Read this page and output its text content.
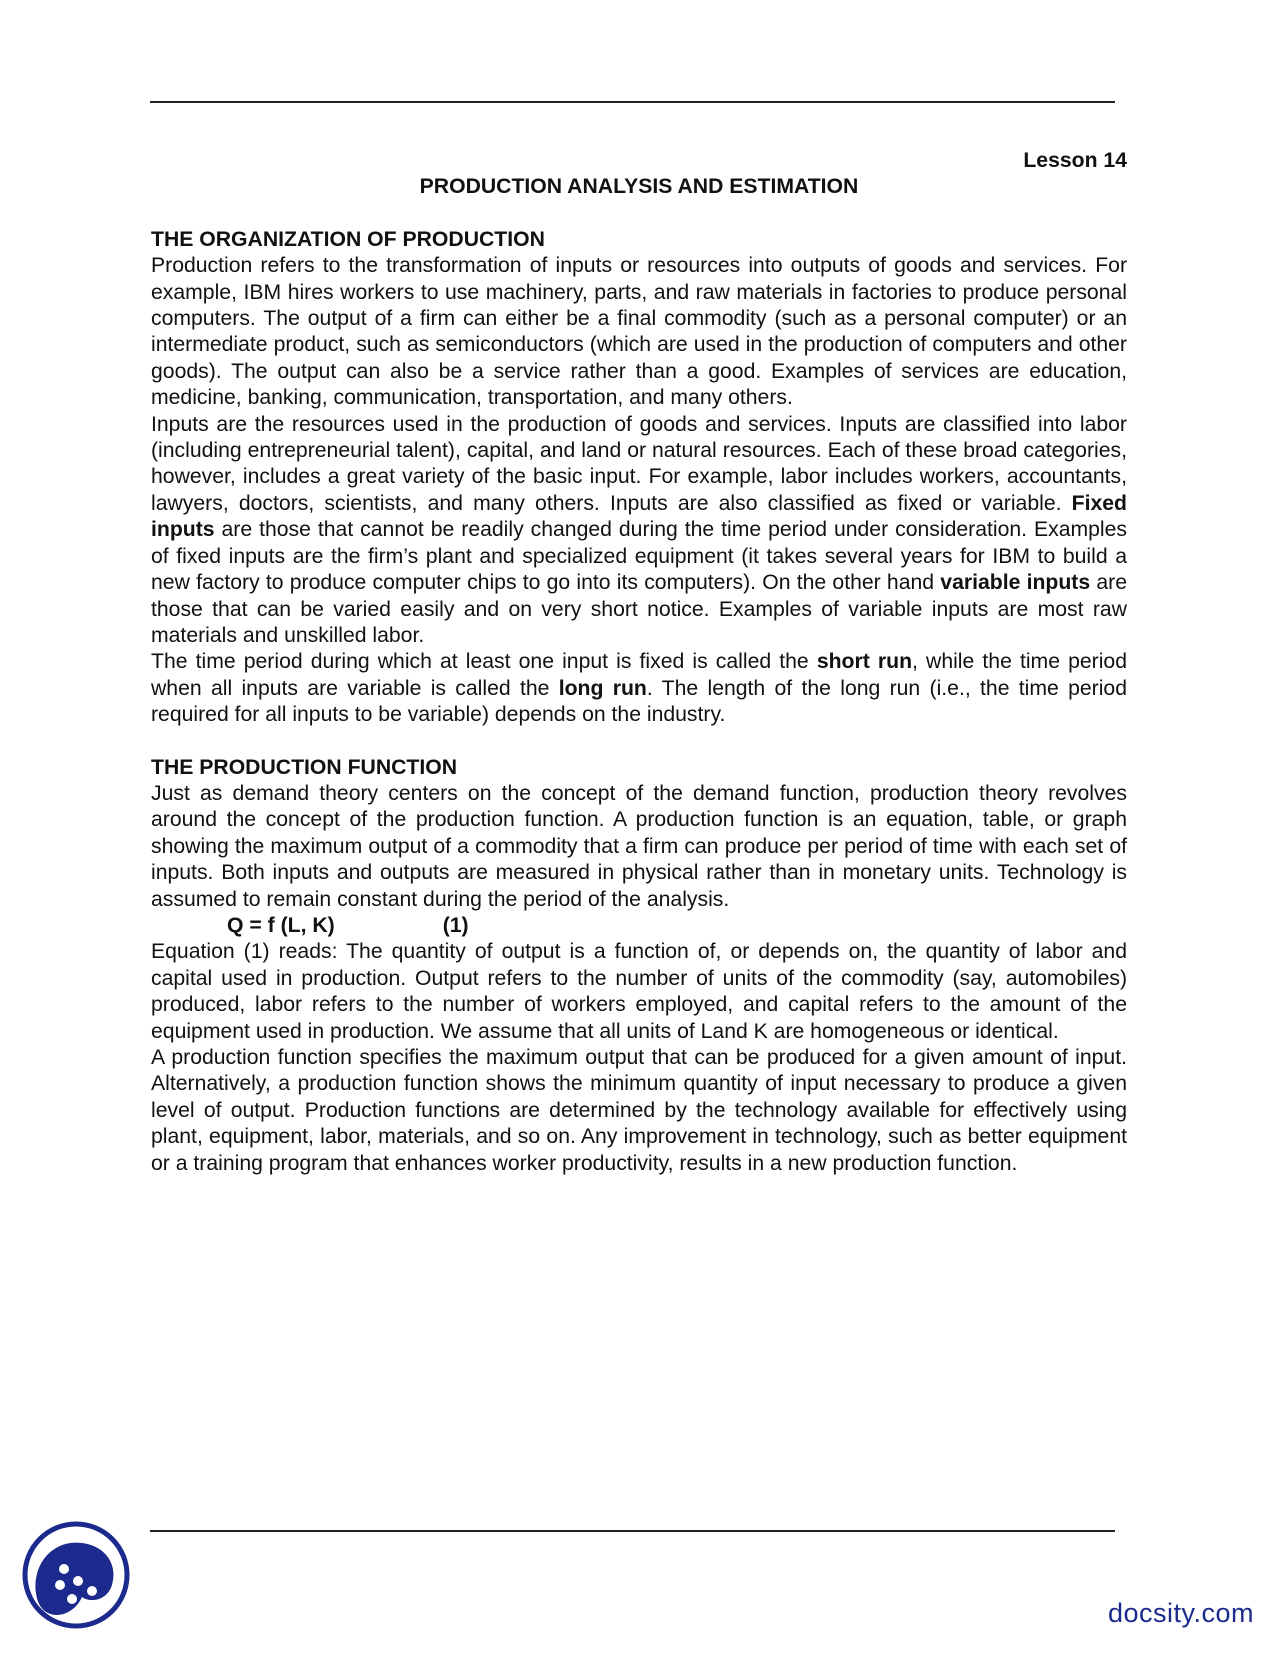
Lesson 14

PRODUCTION ANALYSIS AND ESTIMATION

THE ORGANIZATION OF PRODUCTION

Production refers to the transformation of inputs or resources into outputs of goods and services. For example, IBM hires workers to use machinery, parts, and raw materials in factories to produce personal computers. The output of a firm can either be a final commodity (such as a personal computer) or an intermediate product, such as semiconductors (which are used in the production of computers and other goods). The output can also be a service rather than a good. Examples of services are education, medicine, banking, communication, transportation, and many others.

Inputs are the resources used in the production of goods and services. Inputs are classified into labor (including entrepreneurial talent), capital, and land or natural resources. Each of these broad categories, however, includes a great variety of the basic input. For example, labor includes workers, accountants, lawyers, doctors, scientists, and many others. Inputs are also classified as fixed or variable. Fixed inputs are those that cannot be readily changed during the time period under consideration. Examples of fixed inputs are the firm’s plant and specialized equipment (it takes several years for IBM to build a new factory to produce computer chips to go into its computers). On the other hand variable inputs are those that can be varied easily and on very short notice. Examples of variable inputs are most raw materials and unskilled labor.

The time period during which at least one input is fixed is called the short run, while the time period when all inputs are variable is called the long run. The length of the long run (i.e., the time period required for all inputs to be variable) depends on the industry.

THE PRODUCTION FUNCTION

Just as demand theory centers on the concept of the demand function, production theory revolves around the concept of the production function. A production function is an equation, table, or graph showing the maximum output of a commodity that a firm can produce per period of time with each set of inputs. Both inputs and outputs are measured in physical rather than in monetary units. Technology is assumed to remain constant during the period of the analysis.

Q = f (L, K)	(1)

Equation (1) reads: The quantity of output is a function of, or depends on, the quantity of labor and capital used in production. Output refers to the number of units of the commodity (say, automobiles) produced, labor refers to the number of workers employed, and capital refers to the amount of the equipment used in production. We assume that all units of Land K are homogeneous or identical.

A production function specifies the maximum output that can be produced for a given amount of input. Alternatively, a production function shows the minimum quantity of input necessary to produce a given level of output. Production functions are determined by the technology available for effectively using plant, equipment, labor, materials, and so on. Any improvement in technology, such as better equipment or a training program that enhances worker productivity, results in a new production function.

docsity.com
